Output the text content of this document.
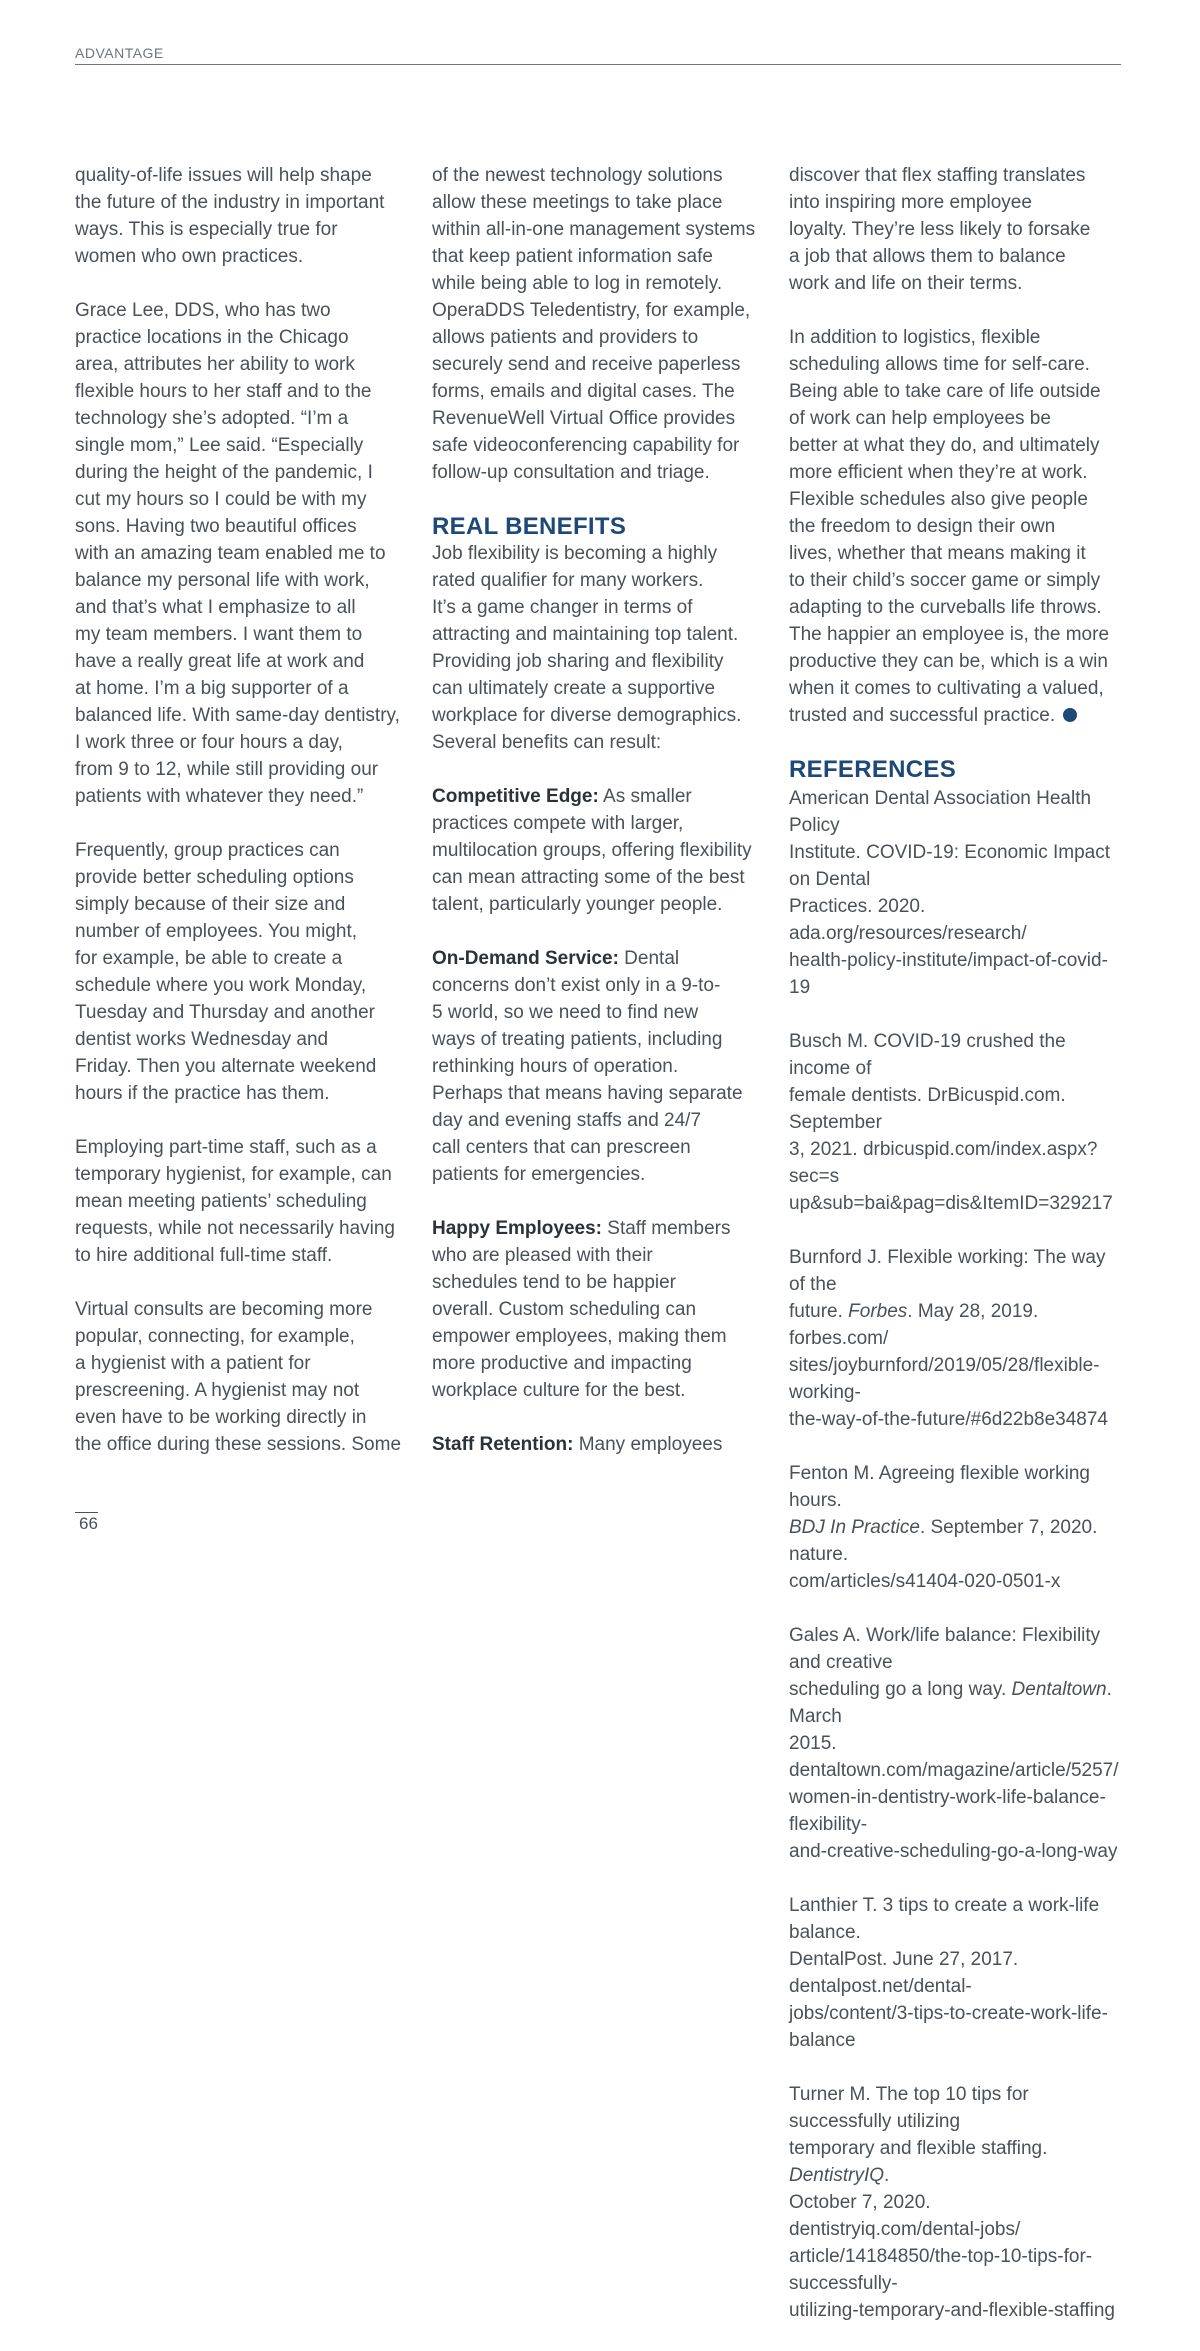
ADVANTAGE

quality-of-life issues will help shape
the future of the industry in important
ways. This is especially true for
women who own practices.

Grace Lee, DDS, who has two
practice locations in the Chicago
area, attributes her ability to work
flexible hours to her staff and to the
technology she’s adopted. “I’m a
single mom,” Lee said. “Especially
during the height of the pandemic, I
cut my hours so I could be with my
sons. Having two beautiful offices
with an amazing team enabled me to
balance my personal life with work,
and that’s what I emphasize to all
my team members. I want them to
have a really great life at work and
at home. I’m a big supporter of a
balanced life. With same-day dentistry,
I work three or four hours a day,
from 9 to 12, while still providing our
patients with whatever they need.”

Frequently, group practices can
provide better scheduling options
simply because of their size and
number of employees. You might,
for example, be able to create a
schedule where you work Monday,
Tuesday and Thursday and another
dentist works Wednesday and
Friday. Then you alternate weekend
hours if the practice has them.

Employing part-time staff, such as a
temporary hygienist, for example, can
mean meeting patients’ scheduling
requests, while not necessarily having
to hire additional full-time staff.

Virtual consults are becoming more
popular, connecting, for example,
a hygienist with a patient for
prescreening. A hygienist may not
even have to be working directly in
the office during these sessions. Some

of the newest technology solutions
allow these meetings to take place
within all-in-one management systems
that keep patient information safe
while being able to log in remotely.
OperaDDS Teledentistry, for example,
allows patients and providers to
securely send and receive paperless
forms, emails and digital cases. The
RevenueWell Virtual Office provides
safe videoconferencing capability for
follow-up consultation and triage.

REAL BENEFITS

Job flexibility is becoming a highly
rated qualifier for many workers.
It’s a game changer in terms of
attracting and maintaining top talent.
Providing job sharing and flexibility
can ultimately create a supportive
workplace for diverse demographics.
Several benefits can result:

Competitive Edge: As smaller
practices compete with larger,
multilocation groups, offering flexibility
can mean attracting some of the best
talent, particularly younger people.

On-Demand Service: Dental
concerns don’t exist only in a 9-to-
5 world, so we need to find new
ways of treating patients, including
rethinking hours of operation.
Perhaps that means having separate
day and evening staffs and 24/7
call centers that can prescreen
patients for emergencies.

Happy Employees: Staff members
who are pleased with their
schedules tend to be happier
overall. Custom scheduling can
empower employees, making them
more productive and impacting
workplace culture for the best.

Staff Retention: Many employees

discover that flex staffing translates
into inspiring more employee
loyalty. They’re less likely to forsake
a job that allows them to balance
work and life on their terms.

In addition to logistics, flexible
scheduling allows time for self-care.
Being able to take care of life outside
of work can help employees be
better at what they do, and ultimately
more efficient when they’re at work.
Flexible schedules also give people
the freedom to design their own
lives, whether that means making it
to their child’s soccer game or simply
adapting to the curveballs life throws.
The happier an employee is, the more
productive they can be, which is a win
when it comes to cultivating a valued,
trusted and successful practice.

REFERENCES

American Dental Association Health Policy
Institute. COVID-19: Economic Impact on Dental
Practices. 2020. ada.org/resources/research/
health-policy-institute/impact-of-covid-19

Busch M. COVID-19 crushed the income of
female dentists. DrBicuspid.com. September
3, 2021. drbicuspid.com/index.aspx?sec=s
up&sub=bai&pag=dis&ItemID=329217

Burnford J. Flexible working: The way of the
future. Forbes. May 28, 2019. forbes.com/
sites/joyburnford/2019/05/28/flexible-working-
the-way-of-the-future/#6d22b8e34874

Fenton M. Agreeing flexible working hours.
BDJ In Practice. September 7, 2020. nature.
com/articles/s41404-020-0501-x

Gales A. Work/life balance: Flexibility and creative
scheduling go a long way. Dentaltown. March
2015. dentaltown.com/magazine/article/5257/
women-in-dentistry-work-life-balance-flexibility-
and-creative-scheduling-go-a-long-way

Lanthier T. 3 tips to create a work-life balance.
DentalPost. June 27, 2017. dentalpost.net/dental-
jobs/content/3-tips-to-create-work-life-balance

Turner M. The top 10 tips for successfully utilizing
temporary and flexible staffing. DentistryIQ.
October 7, 2020. dentistryiq.com/dental-jobs/
article/14184850/the-top-10-tips-for-successfully-
utilizing-temporary-and-flexible-staffing

66
